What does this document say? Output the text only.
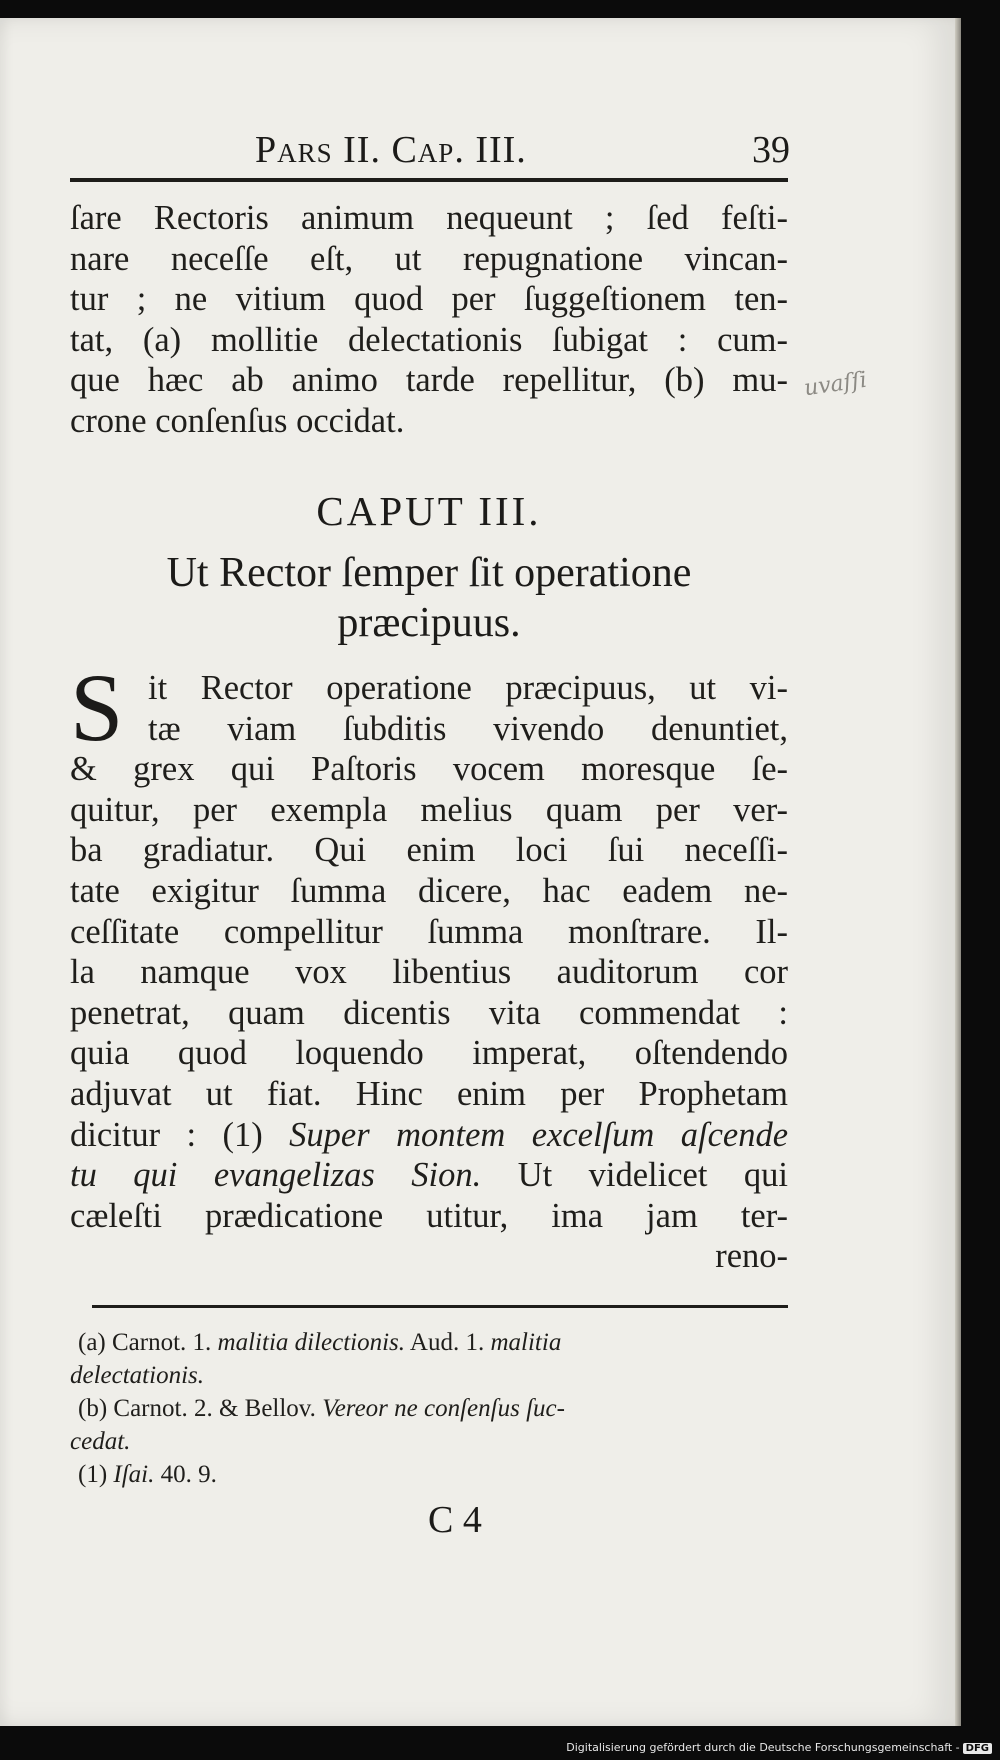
Pars II. Cap. III.	39
ſare Rectoris animum nequeunt ; ſed feſti-
nare neceſſe eſt, ut repugnatione vincan-
tur ; ne vitium quod per ſuggeſtionem ten-
tat, (a) mollitie delectationis ſubigat : cum-
que hæc ab animo tarde repellitur, (b) mu-
crone conſenſus occidat.
uvaſſi
CAPUT III.
Ut Rector ſemper ſit operatione
præcipuus.
S it Rector operatione præcipuus, ut vi-
tæ viam ſubditis vivendo denuntiet,
& grex qui Paſtoris vocem moresque ſe-
quitur, per exempla melius quam per ver-
ba gradiatur. Qui enim loci ſui neceſſi-
tate exigitur ſumma dicere, hac eadem ne-
ceſſitate compellitur ſumma monſtrare. Il-
la namque vox libentius auditorum cor
penetrat, quam dicentis vita commendat :
quia quod loquendo imperat, oſtendendo
adjuvat ut fiat. Hinc enim per Prophetam
dicitur : (1) Super montem excelſum aſcende
tu qui evangelizas Sion. Ut videlicet qui
cæleſti prædicatione utitur, ima jam ter-
reno-
(a) Carnot. 1. malitia dilectionis. Aud. 1. malitia
delectationis.
(b) Carnot. 2. & Bellov. Vereor ne conſenſus ſuc-
cedat.
(1) Iſai. 40. 9.
C 4
Digitalisierung gefördert durch die Deutsche Forschungsgemeinschaft - DFG
